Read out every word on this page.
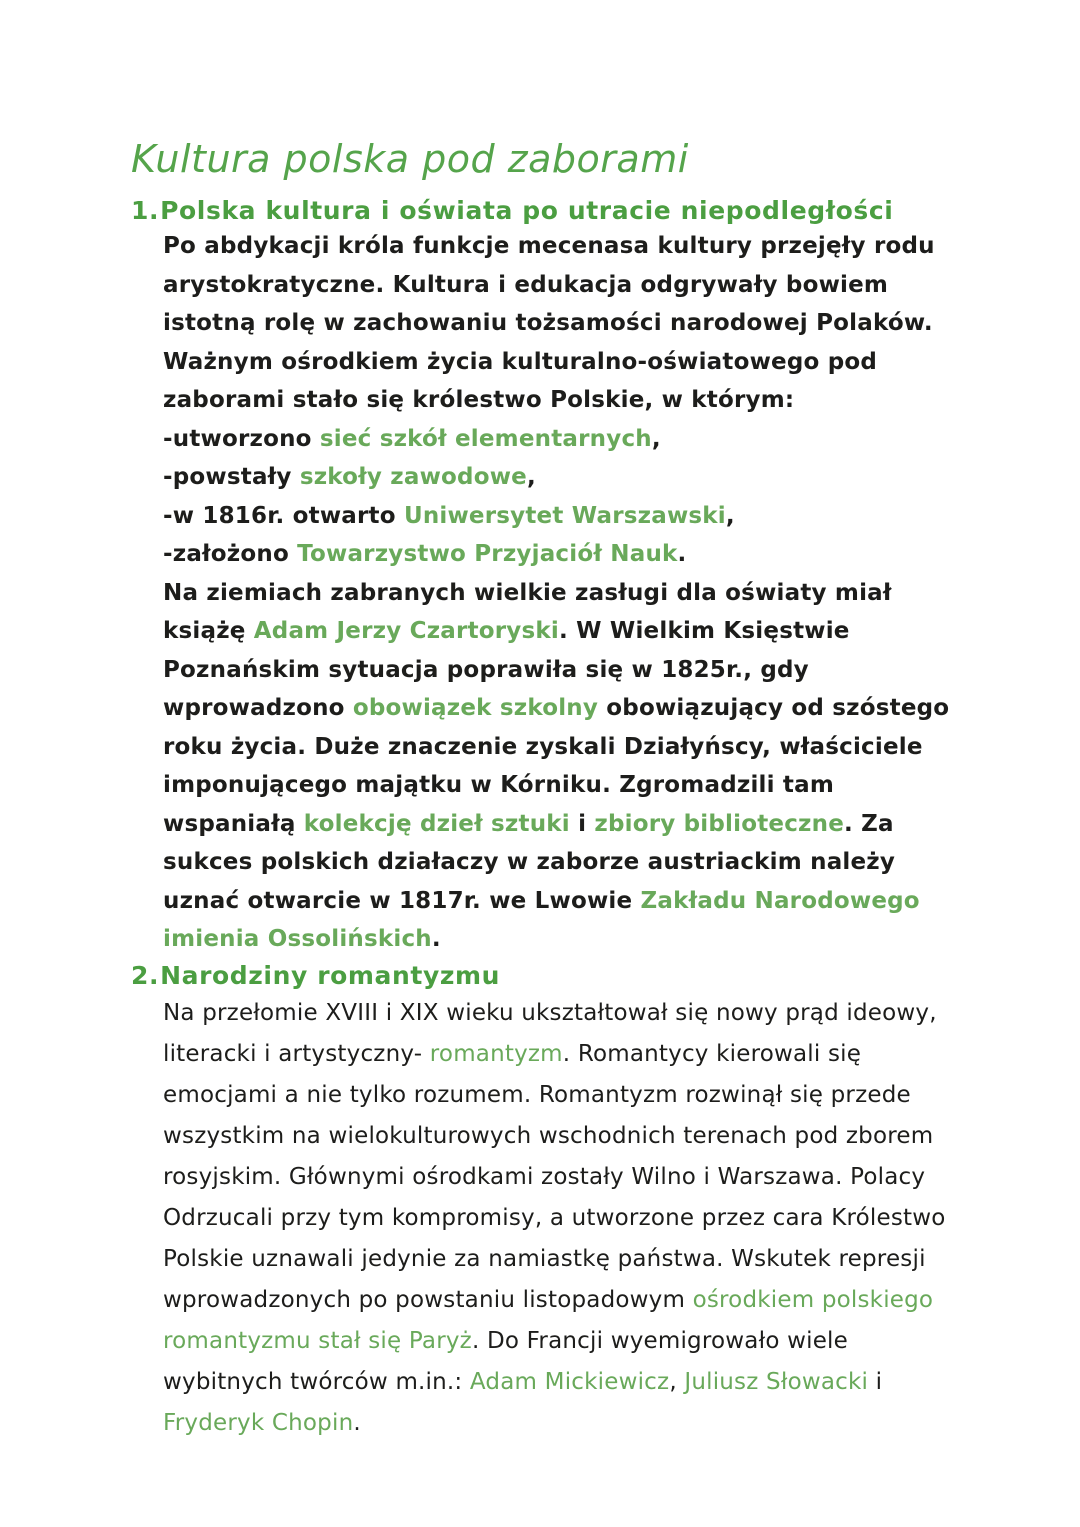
Kultura polska pod zaborami
1.Polska kultura i oświata po utracie niepodległości

Po abdykacji króla funkcje mecenasa kultury przejęły rodu arystokratyczne. Kultura i edukacja odgrywały bowiem istotną rolę w zachowaniu tożsamości narodowej Polaków. Ważnym ośrodkiem życia kulturalno-oświatowego pod zaborami stało się królestwo Polskie, w którym:

-utworzono sieć szkół elementarnych,

-powstały szkoły zawodowe,

-w 1816r. otwarto Uniwersytet Warszawski,

-założono Towarzystwo Przyjaciół Nauk.

Na ziemiach zabranych wielkie zasługi dla oświaty miał książę Adam Jerzy Czartoryski. W Wielkim Księstwie Poznańskim sytuacja poprawiła się w 1825r., gdy wprowadzono obowiązek szkolny obowiązujący od szóstego roku życia. Duże znaczenie zyskali Działyńscy, właściciele imponującego majątku w Kórniku. Zgromadzili tam wspaniałą kolekcję dzieł sztuki i zbiory biblioteczne. Za sukces polskich działaczy w zaborze austriackim należy uznać otwarcie w 1817r. we Lwowie Zakładu Narodowego imienia Ossolińskich.

2.Narodziny romantyzmu

Na przełomie XVIII i XIX wieku ukształtował się nowy prąd ideowy, literacki i artystyczny- romantyzm. Romantycy kierowali się emocjami a nie tylko rozumem. Romantyzm rozwinął się przede wszystkim na wielokulturowych wschodnich terenach pod zborem rosyjskim. Głównymi ośrodkami zostały Wilno i Warszawa. Polacy Odrzucali przy tym kompromisy, a utworzone przez cara Królestwo Polskie uznawali jedynie za namiastkę państwa. Wskutek represji wprowadzonych po powstaniu listopadowym ośrodkiem polskiego romantyzmu stał się Paryż. Do Francji wyemigrowało wiele wybitnych twórców m.in.: Adam Mickiewicz, Juliusz Słowacki i Fryderyk Chopin.
